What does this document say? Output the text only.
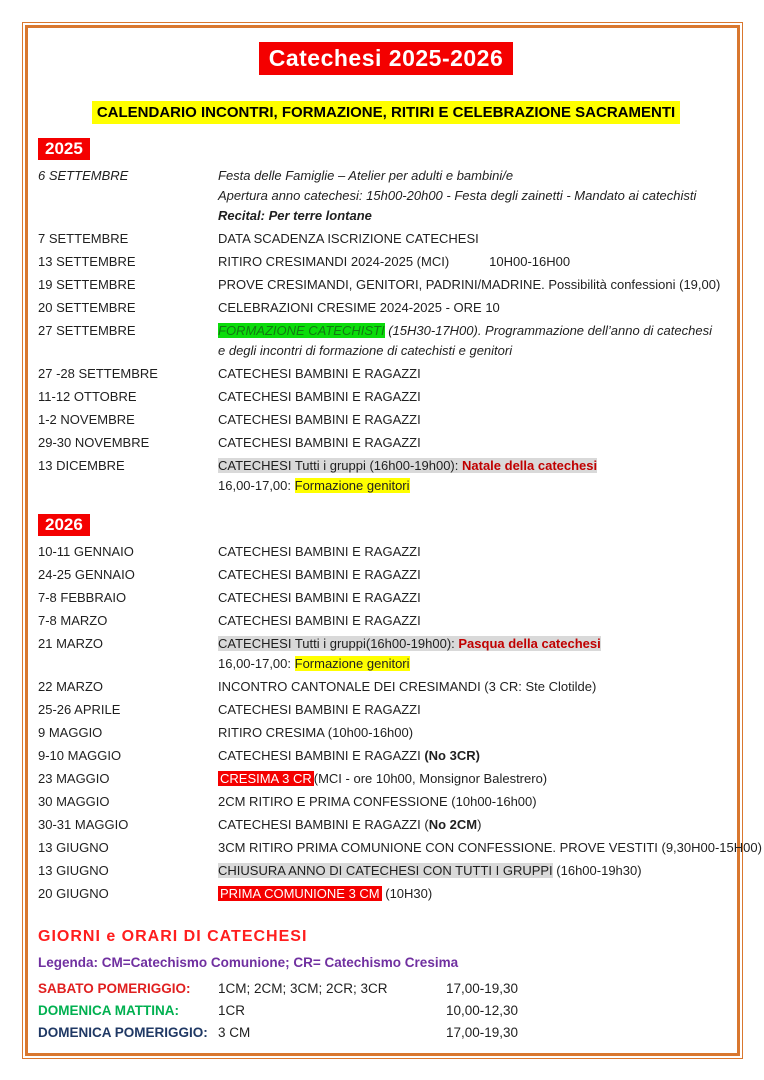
Catechesi 2025-2026
CALENDARIO INCONTRI, FORMAZIONE, RITIRI E CELEBRAZIONE SACRAMENTI
2025
6 SETTEMBRE	Festa delle Famiglie – Atelier per adulti e bambini/e
Apertura anno catechesi: 15h00-20h00 - Festa degli zainetti - Mandato ai catechisti
Recital: Per terre lontane
7 SETTEMBRE	DATA SCADENZA ISCRIZIONE CATECHESI
13 SETTEMBRE	RITIRO CRESIMANDI 2024-2025 (MCI)	10H00-16H00
19 SETTEMBRE	PROVE CRESIMANDI, GENITORI, PADRINI/MADRINE. Possibilità confessioni (19,00)
20 SETTEMBRE	CELEBRAZIONI CRESIME 2024-2025 - ORE 10
27 SETTEMBRE	FORMAZIONE CATECHISTI (15H30-17H00). Programmazione dell’anno di catechesi
e degli incontri di formazione di catechisti e genitori
27 -28 SETTEMBRE	CATECHESI BAMBINI E RAGAZZI
11-12 OTTOBRE	CATECHESI BAMBINI E RAGAZZI
1-2 NOVEMBRE	CATECHESI BAMBINI E RAGAZZI
29-30 NOVEMBRE	CATECHESI BAMBINI E RAGAZZI
13 DICEMBRE	CATECHESI Tutti i gruppi (16h00-19h00): Natale della catechesi
16,00-17,00: Formazione genitori
2026
10-11 GENNAIO	CATECHESI BAMBINI E RAGAZZI
24-25 GENNAIO	CATECHESI BAMBINI E RAGAZZI
7-8 FEBBRAIO	CATECHESI BAMBINI E RAGAZZI
7-8 MARZO	CATECHESI BAMBINI E RAGAZZI
21 MARZO	CATECHESI Tutti i gruppi(16h00-19h00): Pasqua della catechesi
16,00-17,00: Formazione genitori
22 MARZO	INCONTRO CANTONALE DEI CRESIMANDI (3 CR: Ste Clotilde)
25-26 APRILE	CATECHESI BAMBINI E RAGAZZI
9 MAGGIO	RITIRO CRESIMA (10h00-16h00)
9-10 MAGGIO	CATECHESI BAMBINI E RAGAZZI (No 3CR)
23 MAGGIO	CRESIMA 3 CR (MCI - ore 10h00, Monsignor Balestrero)
30 MAGGIO	2CM RITIRO E PRIMA CONFESSIONE (10h00-16h00)
30-31 MAGGIO	CATECHESI BAMBINI E RAGAZZI (No 2CM)
13 GIUGNO	3CM RITIRO PRIMA COMUNIONE CON CONFESSIONE. PROVE VESTITI (9,30H00-15H00)
13 GIUGNO	CHIUSURA ANNO DI CATECHESI CON TUTTI I GRUPPI (16h00-19h30)
20 GIUGNO	PRIMA COMUNIONE 3 CM (10H30)
GIORNI e ORARI DI CATECHESI
Legenda: CM=Catechismo Comunione; CR= Catechismo Cresima
SABATO POMERIGGIO:	1CM; 2CM; 3CM; 2CR; 3CR	17,00-19,30
DOMENICA MATTINA:	1CR	10,00-12,30
DOMENICA POMERIGGIO: 3 CM	17,00-19,30
